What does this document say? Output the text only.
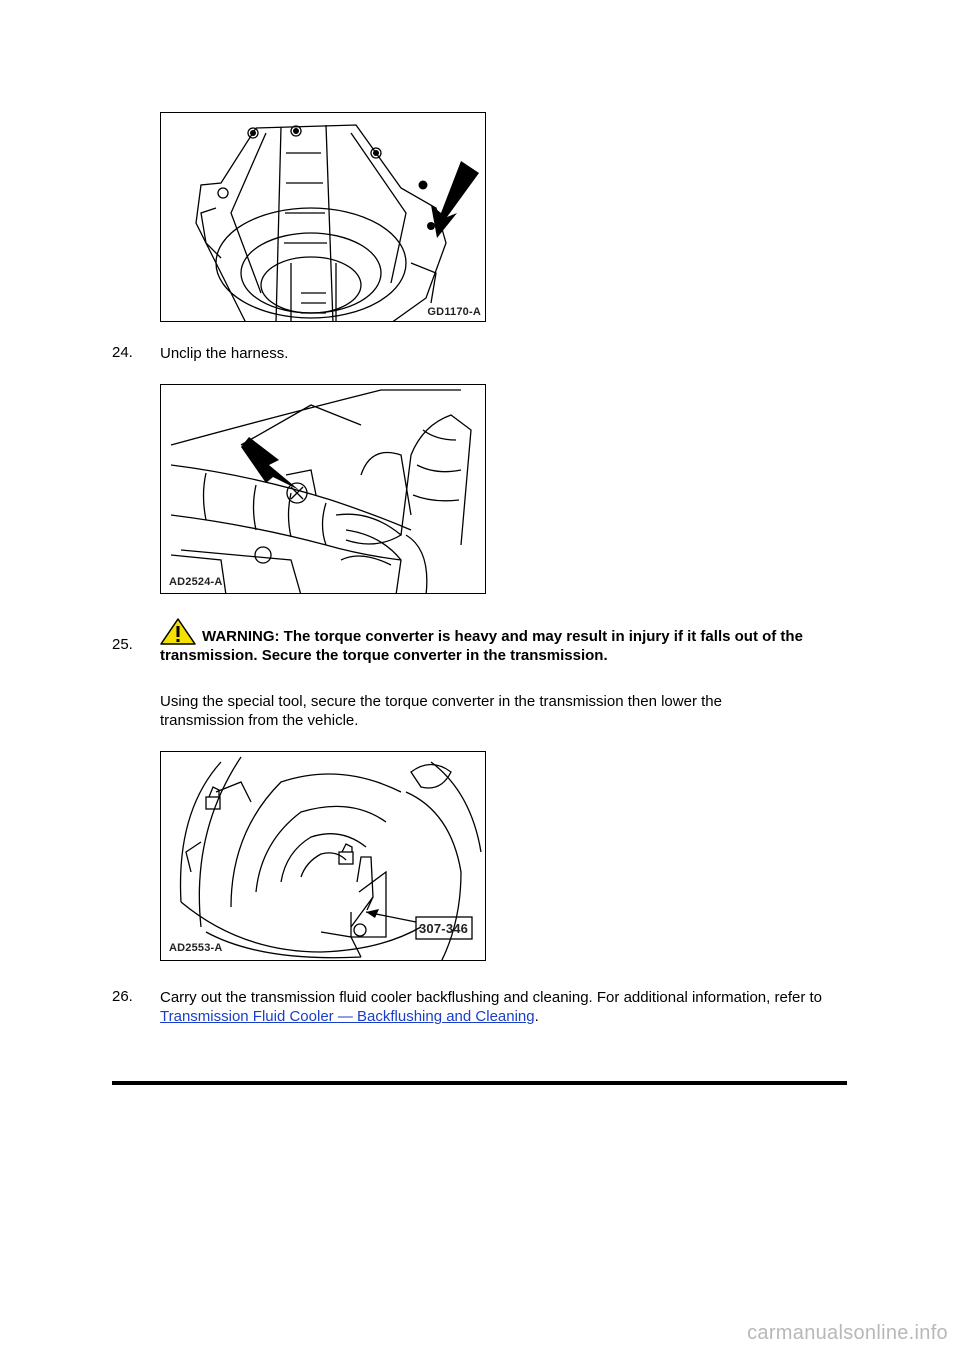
GD1170-A
24. Unclip the harness.
AD2524-A
25.	WARNING: The torque converter is heavy and may result in injury if it falls out of the transmission. Secure the torque converter in the transmission.
Using the special tool, secure the torque converter in the transmission then lower the transmission from the vehicle.
307-346
AD2553-A
26. Carry out the transmission fluid cooler backflushing and cleaning. For additional information, refer to Transmission Fluid Cooler — Backflushing and Cleaning.
carmanualsonline.info
